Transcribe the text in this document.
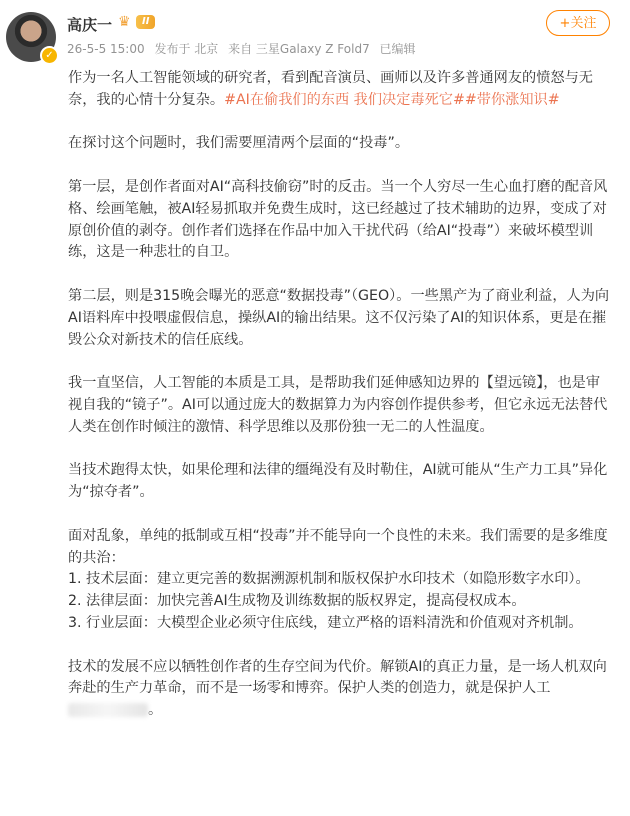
✓
高庆一 ♛	II
26-5-5 15:00 发布于 北京 来自 三星Galaxy Z Fold7 已编辑
+关注

作为一名人工智能领域的研究者，看到配音演员、画师以及许多普通网友的愤怒与无奈，我的心情十分复杂。#AI在偷我们的东西 我们决定毒死它##带你涨知识#

在探讨这个问题时，我们需要厘清两个层面的“投毒”。

第一层，是创作者面对AI“高科技偷窃”时的反击。当一个人穷尽一生心血打磨的配音风格、绘画笔触，被AI轻易抓取并免费生成时，这已经越过了技术辅助的边界，变成了对原创价值的剥夺。创作者们选择在作品中加入干扰代码（给AI“投毒”）来破坏模型训练，这是一种悲壮的自卫。

第二层，则是315晚会曝光的恶意“数据投毒”（GEO）。一些黑产为了商业利益，人为向AI语料库中投喂虚假信息，操纵AI的输出结果。这不仅污染了AI的知识体系，更是在摧毁公众对新技术的信任底线。

我一直坚信，人工智能的本质是工具，是帮助我们延伸感知边界的【望远镜】，也是审视自我的“镜子”。AI可以通过庞大的数据算力为内容创作提供参考，但它永远无法替代人类在创作时倾注的激情、科学思维以及那份独一无二的人性温度。

当技术跑得太快，如果伦理和法律的缰绳没有及时勒住，AI就可能从“生产力工具”异化为“掠夺者”。

面对乱象，单纯的抵制或互相“投毒”并不能导向一个良性的未来。我们需要的是多维度的共治：
1. 技术层面：建立更完善的数据溯源机制和版权保护水印技术（如隐形数字水印）。
2. 法律层面：加快完善AI生成物及训练数据的版权界定，提高侵权成本。
3. 行业层面：大模型企业必须守住底线，建立严格的语料清洗和价值观对齐机制。

技术的发展不应以牺牲创作者的生存空间为代价。解锁AI的真正力量，是一场人机双向奔赴的生产力革命，而不是一场零和博弈。保护人类的创造力，就是保护人工。
